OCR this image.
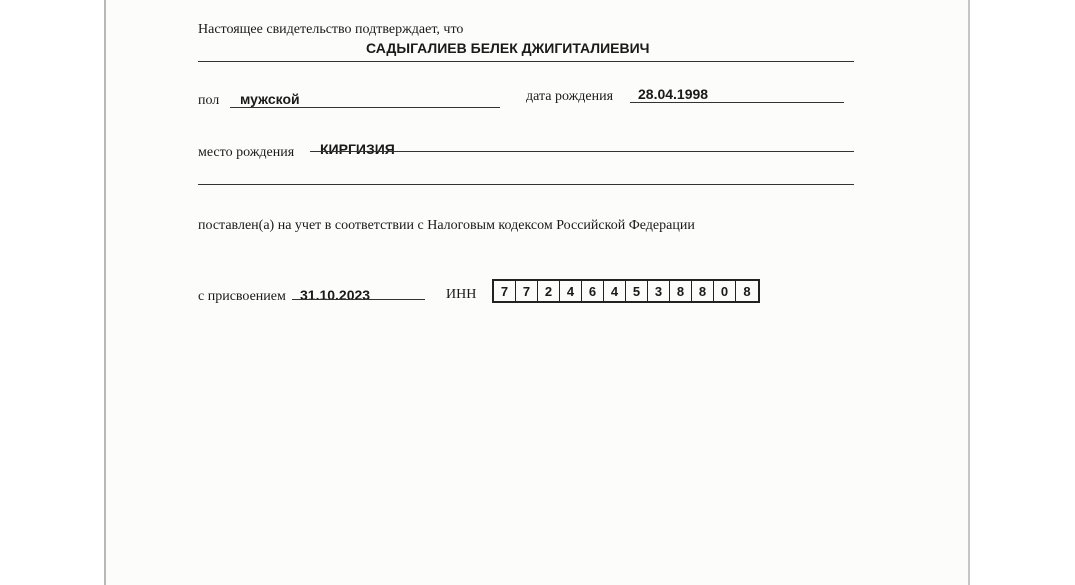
Настоящее свидетельство подтверждает, что
САДЫГАЛИЕВ БЕЛЕК ДЖИГИТАЛИЕВИЧ
пол мужской	дата рождения 28.04.1998
место рождения КИРГИЗИЯ
поставлен(а) на учет в соответствии с Налоговым кодексом Российской Федерации
с присвоением 31.10.2023	ИНН	7	7	2	4	6	4	5	3	8	8	0	8
